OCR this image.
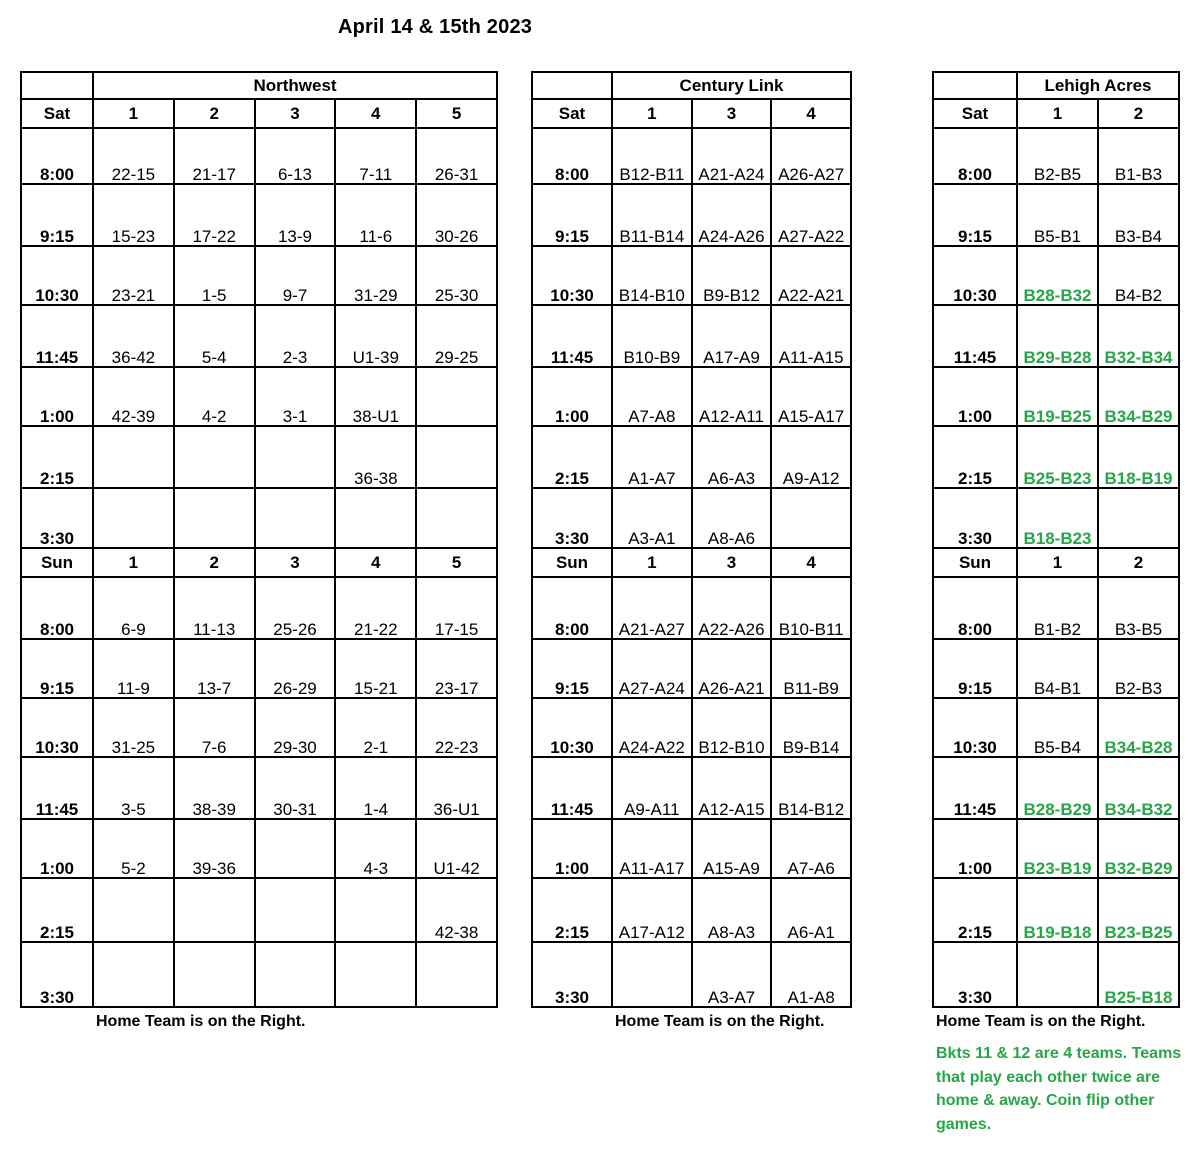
April 14 & 15th 2023
	Northwest				
Sat	1	2	3	4	5
8:00	22-15	21-17	6-13	7-11	26-31
9:15	15-23	17-22	13-9	11-6	30-26
10:30	23-21	1-5	9-7	31-29	25-30
11:45	36-42	5-4	2-3	U1-39	29-25
1:00	42-39	4-2	3-1	38-U1	
2:15				36-38	
3:30					
Sun	1	2	3	4	5
8:00	6-9	11-13	25-26	21-22	17-15
9:15	11-9	13-7	26-29	15-21	23-17
10:30	31-25	7-6	29-30	2-1	22-23
11:45	3-5	38-39	30-31	1-4	36-U1
1:00	5-2	39-36		4-3	U1-42
2:15					42-38
3:30					
Home Team is on the Right.
	Century Link		
Sat	1	3	4
8:00	B12-B11	A21-A24	A26-A27
9:15	B11-B14	A24-A26	A27-A22
10:30	B14-B10	B9-B12	A22-A21
11:45	B10-B9	A17-A9	A11-A15
1:00	A7-A8	A12-A11	A15-A17
2:15	A1-A7	A6-A3	A9-A12
3:30	A3-A1	A8-A6	
Sun	1	3	4
8:00	A21-A27	A22-A26	B10-B11
9:15	A27-A24	A26-A21	B11-B9
10:30	A24-A22	B12-B10	B9-B14
11:45	A9-A11	A12-A15	B14-B12
1:00	A11-A17	A15-A9	A7-A6
2:15	A17-A12	A8-A3	A6-A1
3:30		A3-A7	A1-A8
Home Team is on the Right.
	Lehigh Acres	
Sat	1	2
8:00	B2-B5	B1-B3
9:15	B5-B1	B3-B4
10:30	B28-B32	B4-B2
11:45	B29-B28	B32-B34
1:00	B19-B25	B34-B29
2:15	B25-B23	B18-B19
3:30	B18-B23	
Sun	1	2
8:00	B1-B2	B3-B5
9:15	B4-B1	B2-B3
10:30	B5-B4	B34-B28
11:45	B28-B29	B34-B32
1:00	B23-B19	B32-B29
2:15	B19-B18	B23-B25
3:30		B25-B18
Home Team is on the Right.
Bkts 11 & 12 are 4 teams. Teams that play each other twice are home & away. Coin flip other games.
